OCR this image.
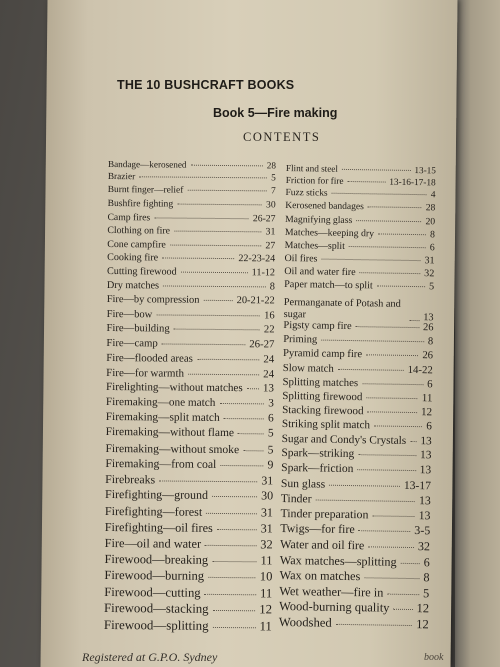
THE 10 BUSHCRAFT BOOKS
Book 5—Fire making
CONTENTS
Bandage—kerosened	28
Brazier	5
Burnt finger—relief	7
Bushfire fighting	30
Camp fires	26-27
Clothing on fire	31
Cone campfire	27
Cooking fire	22-23-24
Cutting firewood	11-12
Dry matches	8
Fire—by compression	20-21-22
Fire—bow	16
Fire—building	22
Fire—camp	26-27
Fire—flooded areas	24
Fire—for warmth	24
Firelighting—without matches 13
Firemaking—one match	3
Firemaking—split match	6
Firemaking—without flame	5
Firemaking—without smoke 5
Firemaking—from coal	9
Firebreaks	31
Firefighting—ground	30
Firefighting—forest	31
Firefighting—oil fires	31
Fire—oil and water	32
Firewood—breaking	11
Firewood—burning	10
Firewood—cutting	11
Firewood—stacking	12
Firewood—splitting	11
Flint and steel	13-15
Friction for fire	13-16-17-18
Fuzz sticks	4
Kerosened bandages	28
Magnifying glass	20
Matches—keeping dry	8
Matches—split	6
Oil fires	31
Oil and water fire	32
Paper match—to split	5
Permanganate of Potash and sugar	13
Pigsty camp fire	26
Priming	8
Pyramid camp fire	26
Slow match	14-22
Splitting matches	6
Splitting firewood	11
Stacking firewood	12
Striking split match	6
Sugar and Condy's Crystals 13
Spark—striking	13
Spark—friction	13
Sun glass	13-17
Tinder	13
Tinder preparation	13
Twigs—for fire	3-5
Water and oil fire	32
Wax matches—splitting 6
Wax on matches	8
Wet weather—fire in	5
Wood-burning quality 12
Woodshed	12
Registered at G.P.O. Sydney	book
